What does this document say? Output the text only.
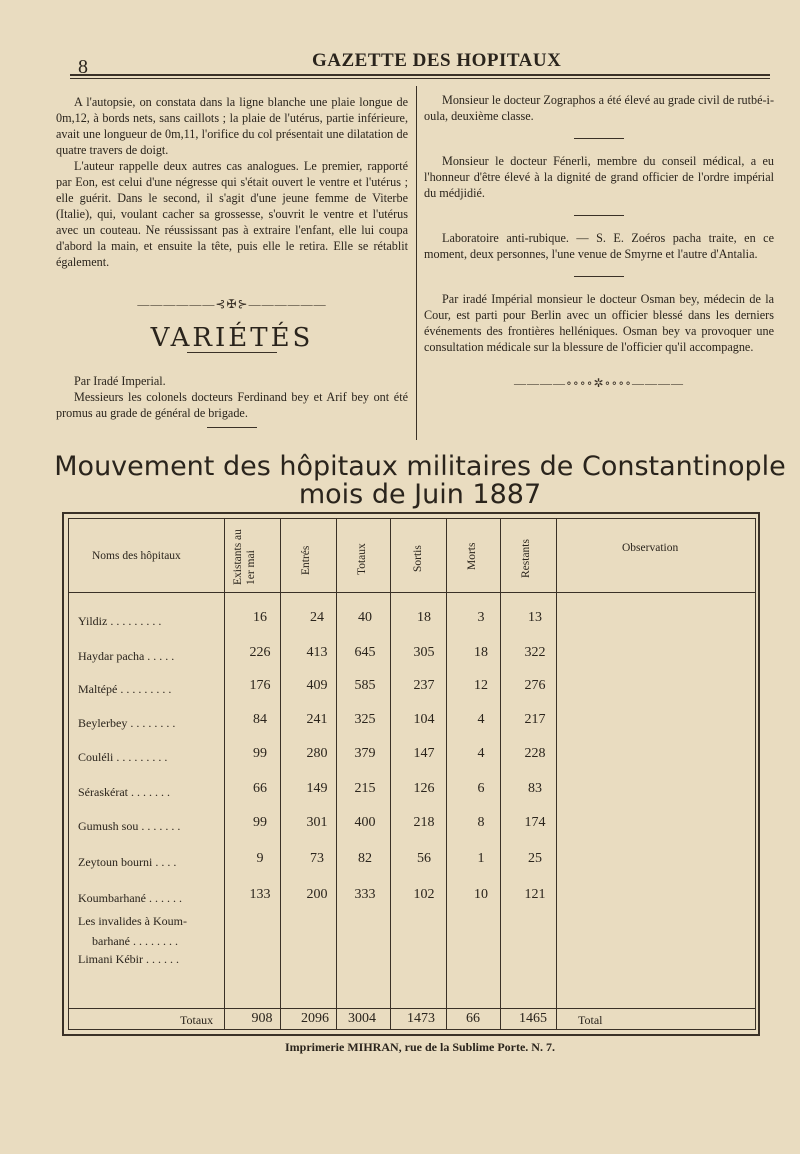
8	GAZETTE DES HOPITAUX

A l'autopsie, on constata dans la ligne blanche une plaie longue de 0m,12, à bords nets, sans caillots ; la plaie de l'utérus, partie inférieure, avait une longueur de 0m,11, l'orifice du col présentait une dilatation de quatre travers de doigt.

L'auteur rappelle deux autres cas analogues. Le premier, rapporté par Eon, est celui d'une négresse qui s'était ouvert le ventre et l'utérus ; elle guérit. Dans le second, il s'agit d'une jeune femme de Viterbe (Italie), qui, voulant cacher sa grossesse, s'ouvrit le ventre et l'utérus avec un couteau. Ne réussissant pas à extraire l'enfant, elle lui coupa d'abord la main, et ensuite la tête, puis elle le retira. Elle se rétablit également.

——————⊰✠⊱——————
VARIÉTÉS

Par Iradé Imperial.

Messieurs les colonels docteurs Ferdinand bey et Arif bey ont été promus au grade de général de brigade.

Monsieur le docteur Zographos a été élevé au grade civil de rutbé-i-oula, deuxième classe.

Monsieur le docteur Fénerli, membre du conseil médical, a eu l'honneur d'être élevé à la dignité de grand officier de l'ordre impérial du médjidié.

Laboratoire anti-rubique. — S. E. Zoéros pacha traite, en ce moment, deux personnes, l'une venue de Smyrne et l'autre d'Antalia.

Par iradé Impérial monsieur le docteur Osman bey, médecin de la Cour, est parti pour Berlin avec un officier blessé dans les derniers événements des frontières helléniques. Osman bey va provoquer une consultation médicale sur la blessure de l'officier qu'il accompagne.

————∘∘∘∘✲∘∘∘∘————
Mouvement des hôpitaux militaires de Constantinople
mois de Juin 1887
Noms des hôpitaux	Existants au 1er mai	Entrés	Totaux	Sortis	Morts	Restants	Observation
Yildiz . . . . . . . . .	16	24	40	18	3	13
Haydar pacha . . . . .	226	413	645	305	18	322
Maltépé . . . . . . . . .	176	409	585	237	12	276
Beylerbey . . . . . . . .	84	241	325	104	4	217
Couléli . . . . . . . . .	99	280	379	147	4	228
Séraskérat . . . . . . .	66	149	215	126	6	83
Gumush sou . . . . . . .	99	301	400	218	8	174
Zeytoun bourni . . . .	9	73	82	56	1	25
Koumbarhané . . . . . .	133	200	333	102	10	121
Les invalides à Koum-
barhané . . . . . . . .
Limani Kébir . . . . . .
Totaux	908	2096	3004	1473	66	1465	Total
Imprimerie MIHRAN, rue de la Sublime Porte. N. 7.
